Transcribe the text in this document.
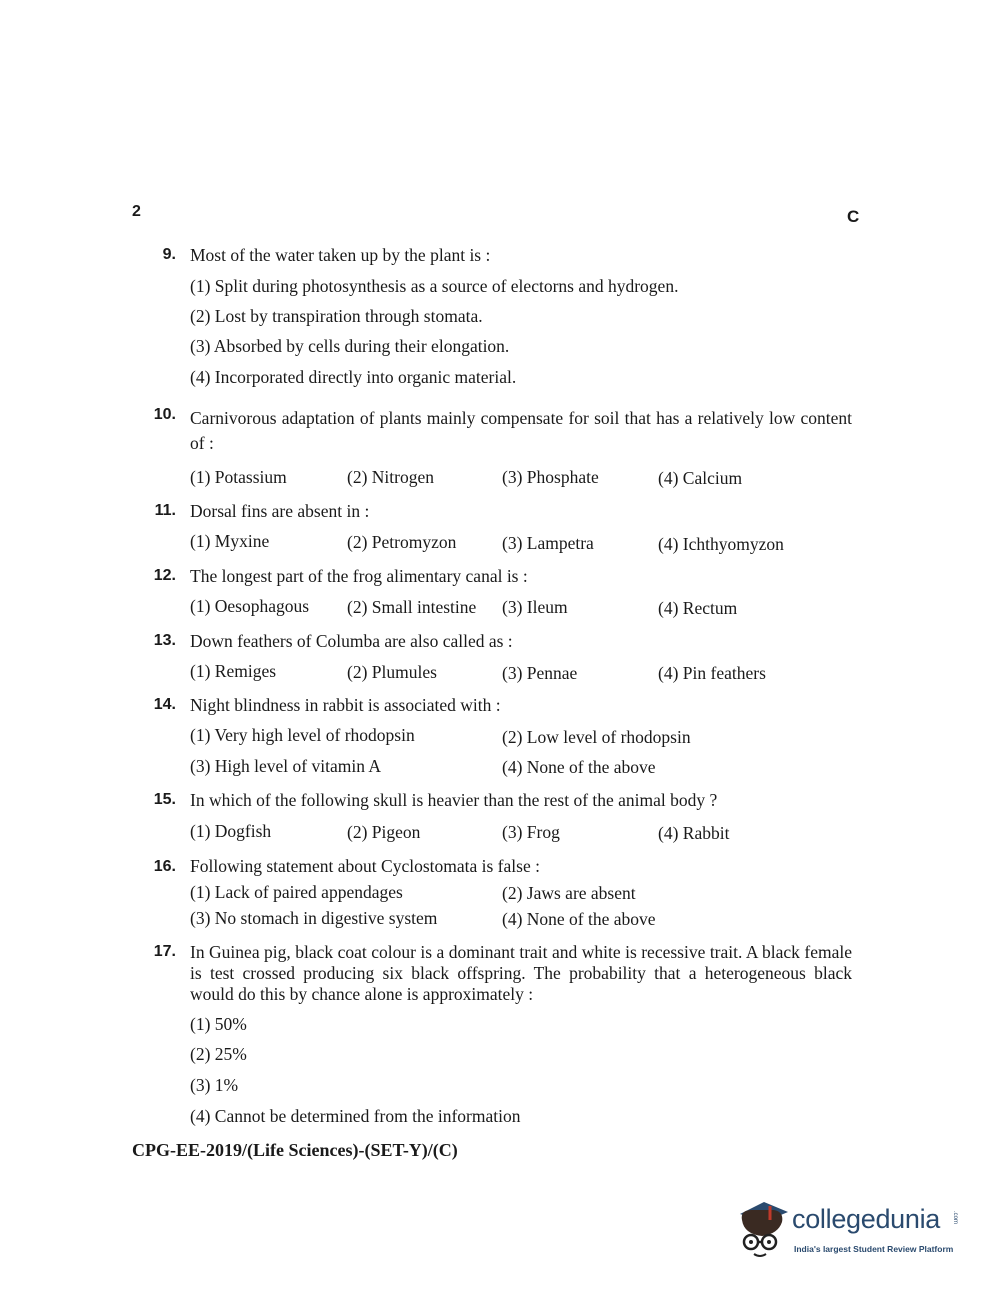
2	C
9. Most of the water taken up by the plant is :
(1) Split during photosynthesis as a source of electorns and hydrogen.
(2) Lost by transpiration through stomata.
(3) Absorbed by cells during their elongation.
(4) Incorporated directly into organic material.
10. Carnivorous adaptation of plants mainly compensate for soil that has a relatively low content of :
(1) Potassium	(2) Nitrogen	(3) Phosphate	(4) Calcium
11. Dorsal fins are absent in :
(1) Myxine	(2) Petromyzon	(3) Lampetra	(4) Ichthyomyzon
12. The longest part of the frog alimentary canal is :
(1) Oesophagous (2) Small intestine (3) Ileum	(4) Rectum
13. Down feathers of Columba are also called as :
(1) Remiges	(2) Plumules	(3) Pennae	(4) Pin feathers
14. Night blindness in rabbit is associated with :
(1) Very high level of rhodopsin	(2) Low level of rhodopsin
(3) High level of vitamin A	(4) None of the above
15. In which of the following skull is heavier than the rest of the animal body ?
(1) Dogfish	(2) Pigeon	(3) Frog	(4) Rabbit
16. Following statement about Cyclostomata is false :
(1) Lack of paired appendages	(2) Jaws are absent
(3) No stomach in digestive system	(4) None of the above
17. In Guinea pig, black coat colour is a dominant trait and white is recessive trait. A black female is test crossed producing six black offspring. The probability that a heterogeneous black would do this by chance alone is approximately :
(1) 50%
(2) 25%
(3) 1%
(4) Cannot be determined from the information
CPG-EE-2019/(Life Sciences)-(SET-Y)/(C)
collegedunia .com
India's largest Student Review Platform
